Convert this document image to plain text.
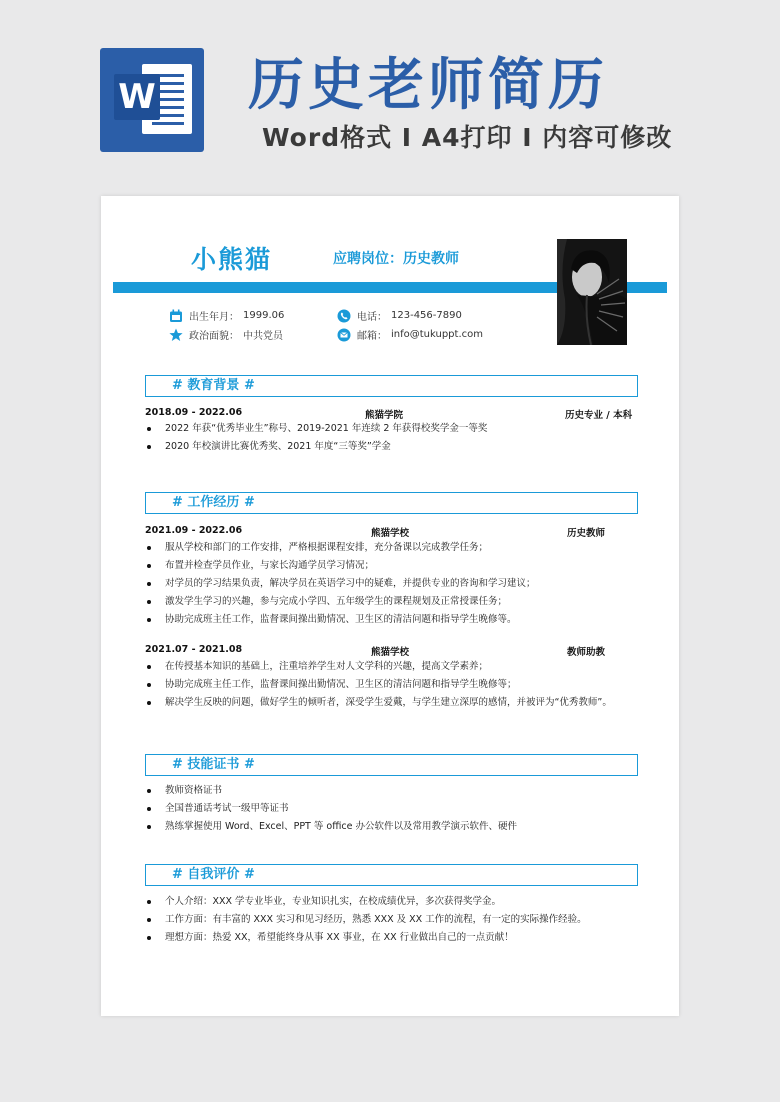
W 历史老师简历
Word格式 I A4打印 I 内容可修改
小熊猫	应聘岗位：历史教师
出生年月： 1999.06
政治面貌： 中共党员
电话： 123-456-7890
邮箱： info@tukuppt.com
# 教育背景 #
2018.09 - 2022.06	熊猫学院	历史专业 / 本科
2022 年获“优秀毕业生”称号、2019-2021 年连续 2 年获得校奖学金一等奖
2020 年校演讲比赛优秀奖、2021 年度“三等奖”学金
# 工作经历 #
2021.09 - 2022.06	熊猫学校	历史教师
服从学校和部门的工作安排，严格根据课程安排，充分备课以完成教学任务；
布置并检查学员作业，与家长沟通学员学习情况；
对学员的学习结果负责，解决学员在英语学习中的疑难，并提供专业的咨询和学习建议；
激发学生学习的兴趣，参与完成小学四、五年级学生的课程规划及正常授课任务；
协助完成班主任工作，监督课间操出勤情况、卫生区的清洁问题和指导学生晚修等。
2021.07 - 2021.08	熊猫学校	教师助教
在传授基本知识的基础上，注重培养学生对人文学科的兴趣，提高文学素养；
协助完成班主任工作，监督课间操出勤情况、卫生区的清洁问题和指导学生晚修等；
解决学生反映的问题，做好学生的倾听者，深受学生爱戴，与学生建立深厚的感情，并被评为“优秀教师”。
# 技能证书 #
教师资格证书
全国普通话考试一级甲等证书
熟练掌握使用 Word、Excel、PPT 等 office 办公软件以及常用教学演示软件、硬件
# 自我评价 #
个人介绍：XXX 学专业毕业，专业知识扎实，在校成绩优异，多次获得奖学金。
工作方面：有丰富的 XXX 实习和见习经历，熟悉 XXX 及 XX 工作的流程，有一定的实际操作经验。
理想方面：热爱 XX，希望能终身从事 XX 事业，在 XX 行业做出自己的一点贡献！
